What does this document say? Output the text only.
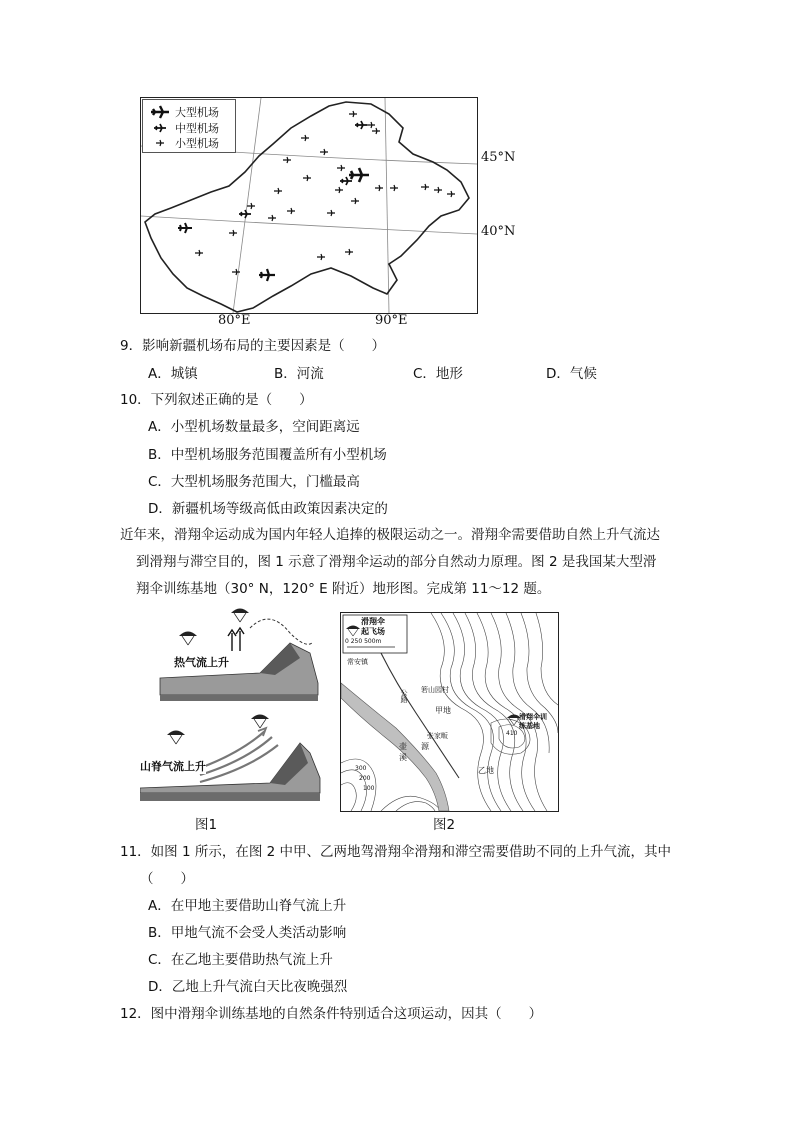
大型机场
中型机场
小型机场
45°N
40°N
80°E	90°E
9．影响新疆机场布局的主要因素是（　　）
A．城镇	B．河流	C．地形	D．气候
10．下列叙述正确的是（　　）
A．小型机场数量最多，空间距离远
B．中型机场服务范围覆盖所有小型机场
C．大型机场服务范围大，门槛最高
D．新疆机场等级高低由政策因素决定的
近年来，滑翔伞运动成为国内年轻人追捧的极限运动之一。滑翔伞需要借助自然上升气流达
到滑翔与滞空目的，图 1 示意了滑翔伞运动的部分自然动力原理。图 2 是我国某大型滑
翔伞训练基地（30° N，120° E 附近）地形图。完成第 11～12 题。
热气流上升
山脊气流上升
图1
滑翔伞
起飞场
0 250 500m
常安镇
箬山园村
甲地
张家畈
滑翔伞训
练基地
410
乙地
壶源溪
公路
300
200
100
图2
11．如图 1 所示，在图 2 中甲、乙两地驾滑翔伞滑翔和滞空需要借助不同的上升气流，其中
（　　）
A．在甲地主要借助山脊气流上升
B．甲地气流不会受人类活动影响
C．在乙地主要借助热气流上升
D．乙地上升气流白天比夜晚强烈
12．图中滑翔伞训练基地的自然条件特别适合这项运动，因其（　　）
